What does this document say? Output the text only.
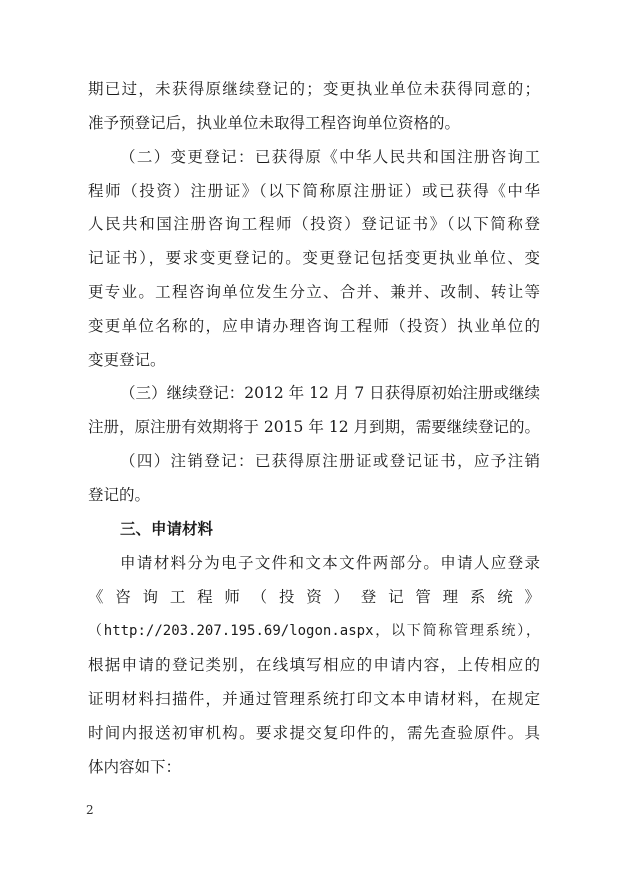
期已过，未获得原继续登记的；变更执业单位未获得同意的；
准予预登记后，执业单位未取得工程咨询单位资格的。
（二）变更登记：已获得原《中华人民共和国注册咨询工
程师（投资）注册证》（以下简称原注册证）或已获得《中华
人民共和国注册咨询工程师（投资）登记证书》（以下简称登
记证书），要求变更登记的。变更登记包括变更执业单位、变
更专业。工程咨询单位发生分立、合并、兼并、改制、转让等
变更单位名称的，应申请办理咨询工程师（投资）执业单位的
变更登记。
（三）继续登记：2012 年 12 月 7 日获得原初始注册或继续
注册，原注册有效期将于 2015 年 12 月到期，需要继续登记的。
（四）注销登记：已获得原注册证或登记证书，应予注销
登记的。
三、申请材料
申请材料分为电子文件和文本文件两部分。申请人应登录
《 咨 询 工 程 师 （ 投 资 ） 登 记 管 理 系 统 》
（http://203.207.195.69/logon.aspx，以下简称管理系统），
根据申请的登记类别，在线填写相应的申请内容，上传相应的
证明材料扫描件，并通过管理系统打印文本申请材料，在规定
时间内报送初审机构。要求提交复印件的，需先查验原件。具
体内容如下：
2
